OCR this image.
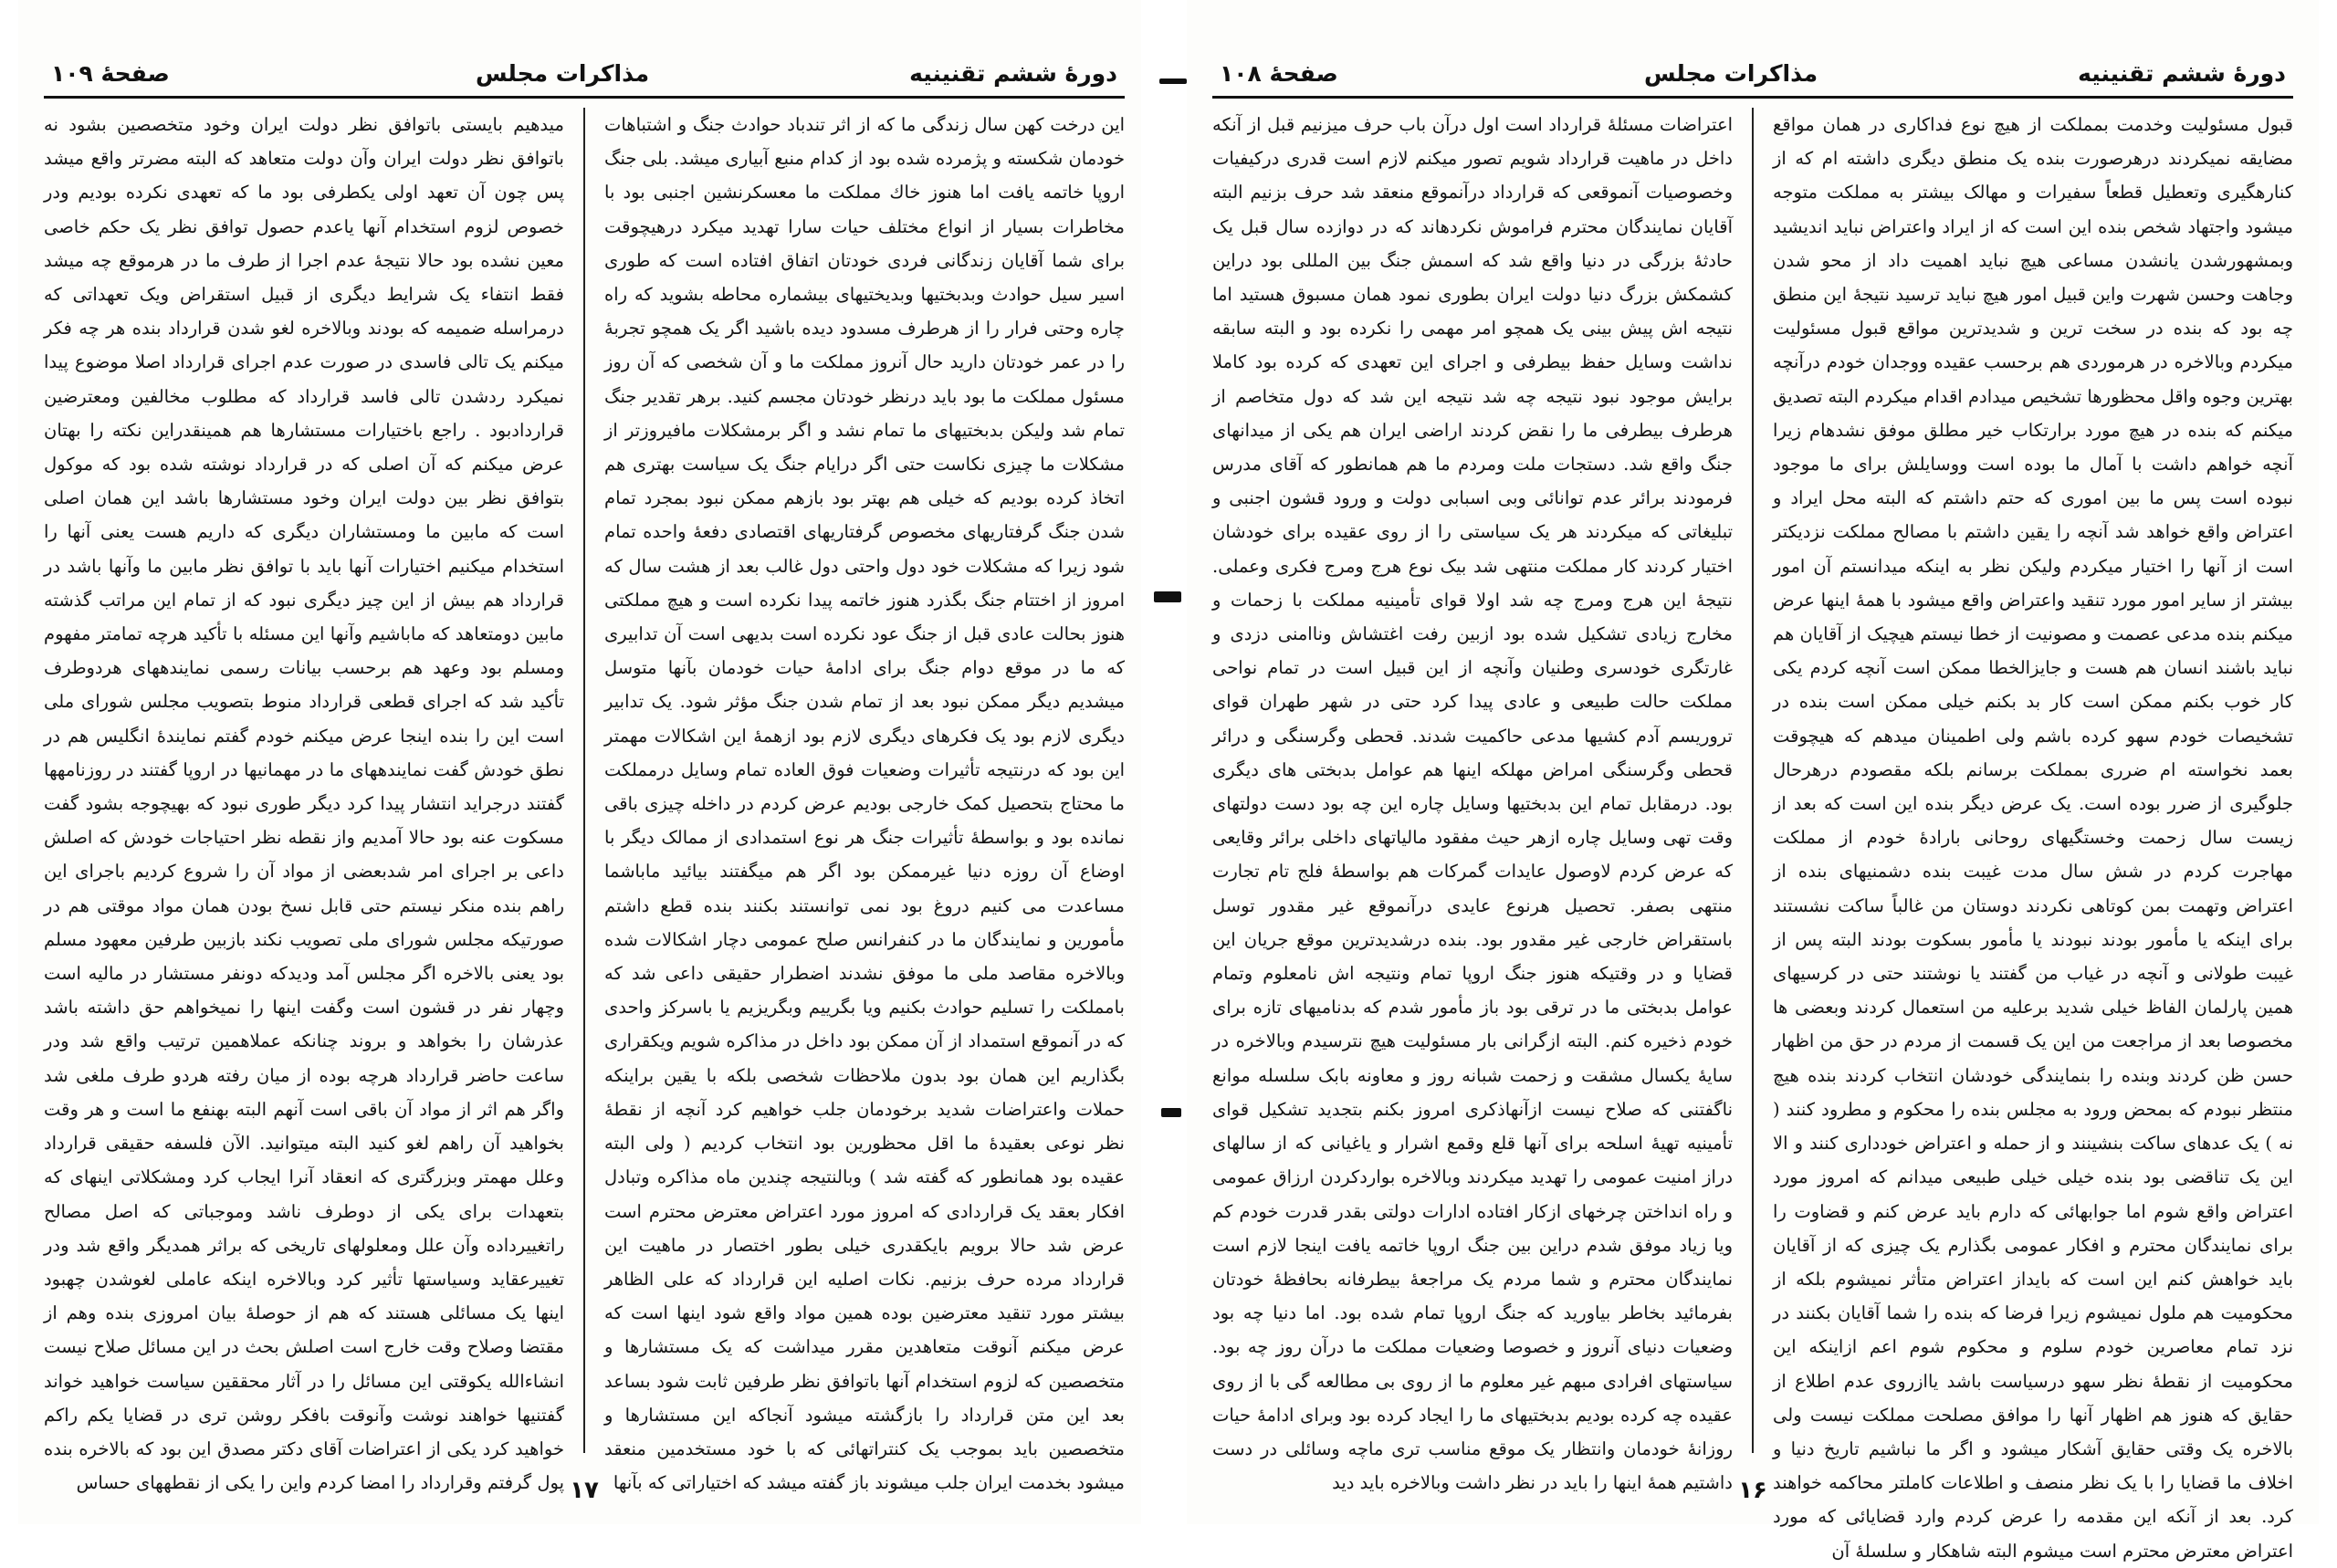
دورۀ ششم تقنینیه
مذاکرات مجلس
صفحۀ ۱۰۹
این درخت کهن سال زندگی ما که از اثر تندباد حوادث جنگ و اشتباهات خودمان شکسته و پژمرده شده بود از کدام منبع آبیاری میشد. بلی جنگ اروپا خاتمه یافت اما هنوز خاك مملکت ما معسکرنشین اجنبی بود با مخاطرات بسیار از انواع مختلف حیات سارا تهدید میکرد درهیچوقت برای شما آقایان زندگانی فردی خودتان اتفاق افتاده است که طوری اسیر سیل حوادث وبدبختیها وبدیختیهای بیشماره محاطه بشوید که راه چاره وحتی فرار را از هرطرف مسدود دیده باشید اگر یک همچو تجربۀ را در عمر خودتان دارید حال آنروز مملکت ما و آن شخصی که آن روز مسئول مملکت ما بود باید درنظر خودتان مجسم کنید. برهر تقدیر جنگ تمام شد ولیکن بدبختیهای ما تمام نشد و اگر برمشکلات مافیروزتر از مشکلات ما چیزی نکاست حتی اگر درایام جنگ یک سیاست بهتری هم اتخاذ کرده بودیم که خیلی هم بهتر بود بازهم ممکن نبود بمجرد تمام شدن جنگ گرفتاریهای مخصوص گرفتاریهای اقتصادی دفعۀ واحده تمام شود زیرا که مشکلات خود دول واحتی دول غالب بعد از هشت سال که امروز از اختتام جنگ بگذرد هنوز خاتمه پیدا نکرده است و هیچ مملکتی هنوز بحالت عادی قبل از جنگ عود نکرده است بدیهی است آن تدابیری که ما در موقع دوام جنگ برای ادامۀ حیات خودمان بآنها متوسل میشدیم دیگر ممکن نبود بعد از تمام شدن جنگ مؤثر شود. یک تدابیر دیگری لازم بود یک فکرهای دیگری لازم بود ازهمۀ این اشکالات مهمتر این بود که درنتیجه تأثیرات وضعیات فوق العاده تمام وسایل درمملکت ما محتاج بتحصیل کمک خارجی بودیم عرض کردم در داخله چیزی باقی نمانده بود و بواسطۀ تأثیرات جنگ هر نوع استمدادی از ممالک دیگر با اوضاع آن روزه دنیا غیرممکن بود اگر هم میگفتند بیائید ماباشما مساعدت می کنیم دروغ بود نمی توانستند بکنند بنده قطع داشتم مأمورین و نمایندگان ما در کنفرانس صلح عمومی دچار اشکالات شده وبالاخره مقاصد ملی ما موفق نشدند اضطرار حقیقی داعی شد که بامملکت را تسلیم حوادث بکنیم ویا بگرییم وبگریزیم یا باسرکز واحدی که در آنموقع استمداد از آن ممکن بود داخل در مذاکره شویم ویکقراری بگذاریم این همان بود بدون ملاحظات شخصی بلکه با یقین براینکه حملات واعتراضات شدید برخودمان جلب خواهیم کرد آنچه از نقطۀ نظر نوعی بعقیدۀ ما اقل محظورین بود انتخاب کردیم ( ولی البته عقیده بود همانطور که گفته شد ) وبالنتیجه چندین ماه مذاکره وتبادل افکار بعقد یک قراردادی که امروز مورد اعتراض معترض محترم است عرض شد حالا برویم بایکقدری خیلی بطور اختصار در ماهیت این قرارداد مرده حرف بزنیم. نکات اصلیه این قرارداد که علی الظاهر بیشتر مورد تنقید معترضین بوده همین مواد واقع شود اینها است که عرض میکنم آنوقت متعاهدین مقرر میداشت که یک مستشارها و متخصصین که لزوم استخدام آنها باتوافق نظر طرفین ثابت شود بساعد بعد این متن قرارداد را بازگشته میشود آنجاکه این مستشارها و متخصصین باید بموجب یک کنتراتهائی که با خود مستخدمین منعقد میشود بخدمت ایران جلب میشوند باز گفته میشد که اختیاراتی که بآنها
میدهیم بایستی باتوافق نظر دولت ایران وخود متخصصین بشود نه باتوافق نظر دولت ایران وآن دولت متعاهد که البته مضرتر واقع میشد پس چون آن تعهد اولی یکطرفی بود ما که تعهدی نکرده بودیم ودر خصوص لزوم استخدام آنها یاعدم حصول توافق نظر یک حکم خاصی معین نشده بود حالا نتیجۀ عدم اجرا از طرف ما در هرموقع چه میشد فقط انتفاء یک شرایط دیگری از قبیل استقراض ویک تعهداتی که درمراسله ضمیمه که بودند وبالاخره لغو شدن قرارداد بنده هر چه فکر میکنم یک تالی فاسدی در صورت عدم اجرای قرارداد اصلا موضوع پیدا نمیکرد ردشدن تالی فاسد قرارداد که مطلوب مخالفین ومعترضین قراردادبود . راجع باختیارات مستشارها هم همینقدراین نکته را بهتان عرض میکنم که آن اصلی که در قرارداد نوشته شده بود که موکول بتوافق نظر بین دولت ایران وخود مستشارها باشد این همان اصلی است که مابین ما ومستشاران دیگری که داریم هست یعنی آنها را استخدام میکنیم اختیارات آنها باید با توافق نظر مابین ما وآنها باشد در قرارداد هم بیش از این چیز دیگری نبود که از تمام این مراتب گذشته مابین دومتعاهد که ماباشیم وآنها این مسئله با تأکید هرچه تمامتر مفهوم ومسلم بود وعهد هم برحسب بیانات رسمی نمایندههای هردوطرف تأکید شد که اجرای قطعی قرارداد منوط بتصویب مجلس شورای ملی است این را بنده اینجا عرض میکنم خودم گفتم نمایندۀ انگلیس هم در نطق خودش گفت نمایندههای ما در مهمانیها در اروپا گفتند در روزنامهها گفتند درجراید انتشار پیدا کرد دیگر طوری نبود که بهیچوجه بشود گفت مسکوت عنه بود حالا آمدیم واز نقطه نظر احتیاجات خودش که اصلش داعی بر اجرای امر شدبعضی از مواد آن را شروع کردیم باجرای این راهم بنده منکر نیستم حتی قابل نسخ بودن همان مواد موقتی هم در صورتیکه مجلس شورای ملی تصویب نکند بازبین طرفین معهود مسلم بود یعنی بالاخره اگر مجلس آمد ودیدکه دونفر مستشار در مالیه است وچهار نفر در قشون است وگفت اینها را نمیخواهم حق داشته باشد عذرشان را بخواهد و بروند چنانکه عملاهمین ترتیب واقع شد ودر ساعت حاضر قرارداد هرچه بوده از میان رفته هردو طرف ملغی شد واگر هم اثر از مواد آن باقی است آنهم البته بهنفع ما است و هر وقت بخواهید آن راهم لغو کنید البته میتوانید. الآن فلسفه حقیقی قرارداد وعلل مهمتر وبزرگتری که انعقاد آنرا ایجاب کرد ومشکلاتی اینهای که بتعهدات برای یکی از دوطرف ناشد وموجباتی که اصل مصالح راتغییرداده وآن علل ومعلولهای تاریخی که براثر همدیگر واقع شد ودر تغییرعقاید وسیاستها تأثیر کرد وبالاخره اینکه عاملی لغوشدن چهبود اینها یک مسائلی هستند که هم از حوصلۀ بیان امروزی بنده وهم از مقتضا وصلاح وقت خارج است اصلش بحث در این مسائل صلاح نیست انشاءالله یکوقتی این مسائل را در آثار محققین سیاست خواهید خواند گفتنیها خواهند نوشت وآنوقت بافکر روشن تری در قضایا یکم راکم خواهید کرد یکی از اعتراضات آقای دکتر مصدق این بود که بالاخره بنده پول گرفتم وقرارداد را امضا کردم واین را یکی از نقطههای حساس ۱۷
دورۀ ششم تقنینیه
مذاکرات مجلس
صفحۀ ۱۰۸
قبول مسئولیت وخدمت بمملکت از هیچ نوع فداکاری در همان مواقع مضایقه نمیکردند درهرصورت بنده یک منطق دیگری داشته ام که از کنارهگیری وتعطیل قطعاً سفیرات و مهالک بیشتر به مملکت متوجه میشود واجتهاد شخص بنده این است که از ایراد واعتراض نباید اندیشید وبمشهورشدن یانشدن مساعی هیچ نباید اهمیت داد از محو شدن وجاهت وحسن شهرت واین قبیل امور هیچ نباید ترسید نتیجۀ این منطق چه بود که بنده در سخت ترین و شدیدترین مواقع قبول مسئولیت میکردم وبالاخره در هرموردی هم برحسب عقیده ووجدان خودم درآنچه بهترین وجوه واقل محظورها تشخیص میدادم اقدام میکردم البته تصدیق میکنم که بنده در هیچ مورد برارتکاب خیر مطلق موفق نشدهام زیرا آنچه خواهم داشت با آمال ما بوده است ووسایلش برای ما موجود نبوده است پس ما بین اموری که حتم داشتم که البته محل ایراد و اعتراض واقع خواهد شد آنچه را یقین داشتم با مصالح مملکت نزدیکتر است از آنها را اختیار میکردم ولیکن نظر به اینکه میدانستم آن امور بیشتر از سایر امور مورد تنقید واعتراض واقع میشود با همۀ اینها عرض میکنم بنده مدعی عصمت و مصونیت از خطا نیستم هیچیک از آقایان هم نباید باشند انسان هم هست و جایزالخطا ممکن است آنچه کردم یکی کار خوب بکنم ممکن است کار بد بکنم خیلی ممکن است بنده در تشخیصات خودم سهو کرده باشم ولی اطمینان میدهم که هیچوقت بعمد نخواسته ام ضرری بمملکت برسانم بلکه مقصودم درهرحال جلوگیری از ضرر بوده است. یک عرض دیگر بنده این است که بعد از زیست سال زحمت وخستگیهای روحانی بارادۀ خودم از مملکت مهاجرت کردم در شش سال مدت غیبت بنده دشمنیهای بنده از اعتراض وتهمت بمن کوتاهی نکردند دوستان من غالباً ساکت نشستند برای اینکه یا مأمور بودند نبودند یا مأمور بسکوت بودند البته پس از غیبت طولانی و آنچه در غیاب من گفتند یا نوشتند حتی در کرسیهای همین پارلمان الفاظ خیلی شدید برعلیه من استعمال کردند وبعضی ها مخصوصا بعد از مراجعت من این یک قسمت از مردم در حق من اظهار حسن ظن کردند وبنده را بنمایندگی خودشان انتخاب کردند بنده هیچ منتظر نبودم که بمحض ورود به مجلس بنده را محکوم و مطرود کنند ( نه ) یک عدهای ساکت بنشینند و از حمله و اعتراض خودداری کنند و الا این یک تناقضی بود بنده خیلی خیلی طبیعی میدانم که امروز مورد اعتراض واقع شوم اما جوابهائی که دارم باید عرض کنم و قضاوت را برای نمایندگان محترم و افکار عمومی بگذارم یک چیزی که از آقایان باید خواهش کنم این است که بایداز اعتراض متأثر نمیشوم بلکه از محکومیت هم ملول نمیشوم زیرا فرضا که بنده را شما آقایان بکنند در نزد تمام معاصرین خودم سلوم و محکوم شوم اعم ازاینکه این محکومیت از نقطۀ نظر سهو درسیاست باشد یاازروی عدم اطلاع از حقایق که هنوز هم اظهار آنها را موافق مصلحت مملکت نیست ولی بالاخره یک وقتی حقایق آشکار میشود و اگر ما نباشیم تاریخ دنیا و اخلاف ما قضایا را با یک نظر منصف و اطلاعات کاملتر محاکمه خواهند کرد. بعد از آنکه این مقدمه را عرض کردم وارد قضایائی که مورد اعتراض معترض محترم است میشوم البته شاهکار و سلسلۀ آن
اعتراضات مسئلۀ قرارداد است اول درآن باب حرف میزنیم قبل از آنکه داخل در ماهیت قرارداد شویم تصور میکنم لازم است قدری درکیفیات وخصوصیات آنموقعی که قرارداد درآنموقع منعقد شد حرف بزنیم البته آقایان نمایندگان محترم فراموش نکردهاند که در دوازده سال قبل یک حادثۀ بزرگی در دنیا واقع شد که اسمش جنگ بین المللی بود دراین کشمکش بزرگ دنیا دولت ایران بطوری نمود همان مسبوق هستید اما نتیجه اش پیش بینی یک همچو امر مهمی را نکرده بود و البته سابقه نداشت وسایل حفظ بیطرفی و اجرای این تعهدی که کرده بود کاملا برایش موجود نبود نتیجه چه شد نتیجه این شد که دول متخاصم از هرطرف بیطرفی ما را نقض کردند اراضی ایران هم یکی از میدانهای جنگ واقع شد. دستجات ملت ومردم ما هم همانطور که آقای مدرس فرمودند برائر عدم توانائی وبی اسبابی دولت و ورود قشون اجنبی و تبلیغاتی که میکردند هر یک سیاستی را از روی عقیده برای خودشان اختیار کردند کار مملکت منتهی شد بیک نوع هرج ومرج فکری وعملی. نتیجۀ این هرج ومرج چه شد اولا قوای تأمینیه مملکت با زحمات و مخارج زیادی تشکیل شده بود ازبین رفت اغتشاش وناامنی دزدی و غارتگری خودسری وطنیان وآنچه از این قبیل است در تمام نواحی مملکت حالت طبیعی و عادی پیدا کرد حتی در شهر طهران قوای تروریسم آدم کشیها مدعی حاکمیت شدند. قحطی وگرسنگی و درائر قحطی وگرسنگی امراض مهلکه اینها هم عوامل بدبختی های دیگری بود. درمقابل تمام این بدبختیها وسایل چاره این چه بود دست دولتهای وقت تهی وسایل چاره ازهر حیث مفقود مالیاتهای داخلی برائر وقایعی که عرض کردم لاوصول عایدات گمرکات هم بواسطۀ فلج تام تجارت منتهی بصفر. تحصیل هرنوع عایدی درآنموقع غیر مقدور توسل باستقراض خارجی غیر مقدور بود. بنده درشدیدترین موقع جریان این قضایا و در وقتیکه هنوز جنگ اروپا تمام ونتیجه اش نامعلوم وتمام عوامل بدبختی ما در ترقی بود باز مأمور شدم که بدنامیهای تازه برای خودم ذخیره کنم. البته ازگرانی بار مسئولیت هیچ نترسیدم وبالاخره در سایۀ یکسال مشقت و زحمت شبانه روز و معاونه بابک سلسله موانع ناگفتنی که صلاح نیست ازآنهاذکری امروز بکنم بتجدید تشکیل قوای تأمینیه تهیۀ اسلحه برای آنها قلع وقمع اشرار و یاغیانی که از سالهای دراز امنیت عمومی را تهدید میکردند وبالاخره بواردکردن ارزاق عمومی و راه انداختن چرخهای ازکار افتاده ادارات دولتی بقدر قدرت خودم کم ویا زیاد موفق شدم دراین بین جنگ اروپا خاتمه یافت اینجا لازم است نمایندگان محترم و شما مردم یک مراجعۀ بیطرفانه بحافظۀ خودتان بفرمائید بخاطر بیاورید که جنگ اروپا تمام شده بود. اما دنیا چه بود وضعیات دنیای آنروز و خصوصا وضعیات مملکت ما درآن روز چه بود. سیاستهای افرادی مبهم غیر معلوم ما از روی بی مطالعه گی با از روی عقیده چه کرده بودیم بدبختیهای ما را ایجاد کرده بود وبرای ادامۀ حیات روزانۀ خودمان وانتظار یک موقع مناسب تری ماچه وسائلی در دست داشتیم همۀ اینها را باید در نظر داشت وبالاخره باید دید ۱۶
